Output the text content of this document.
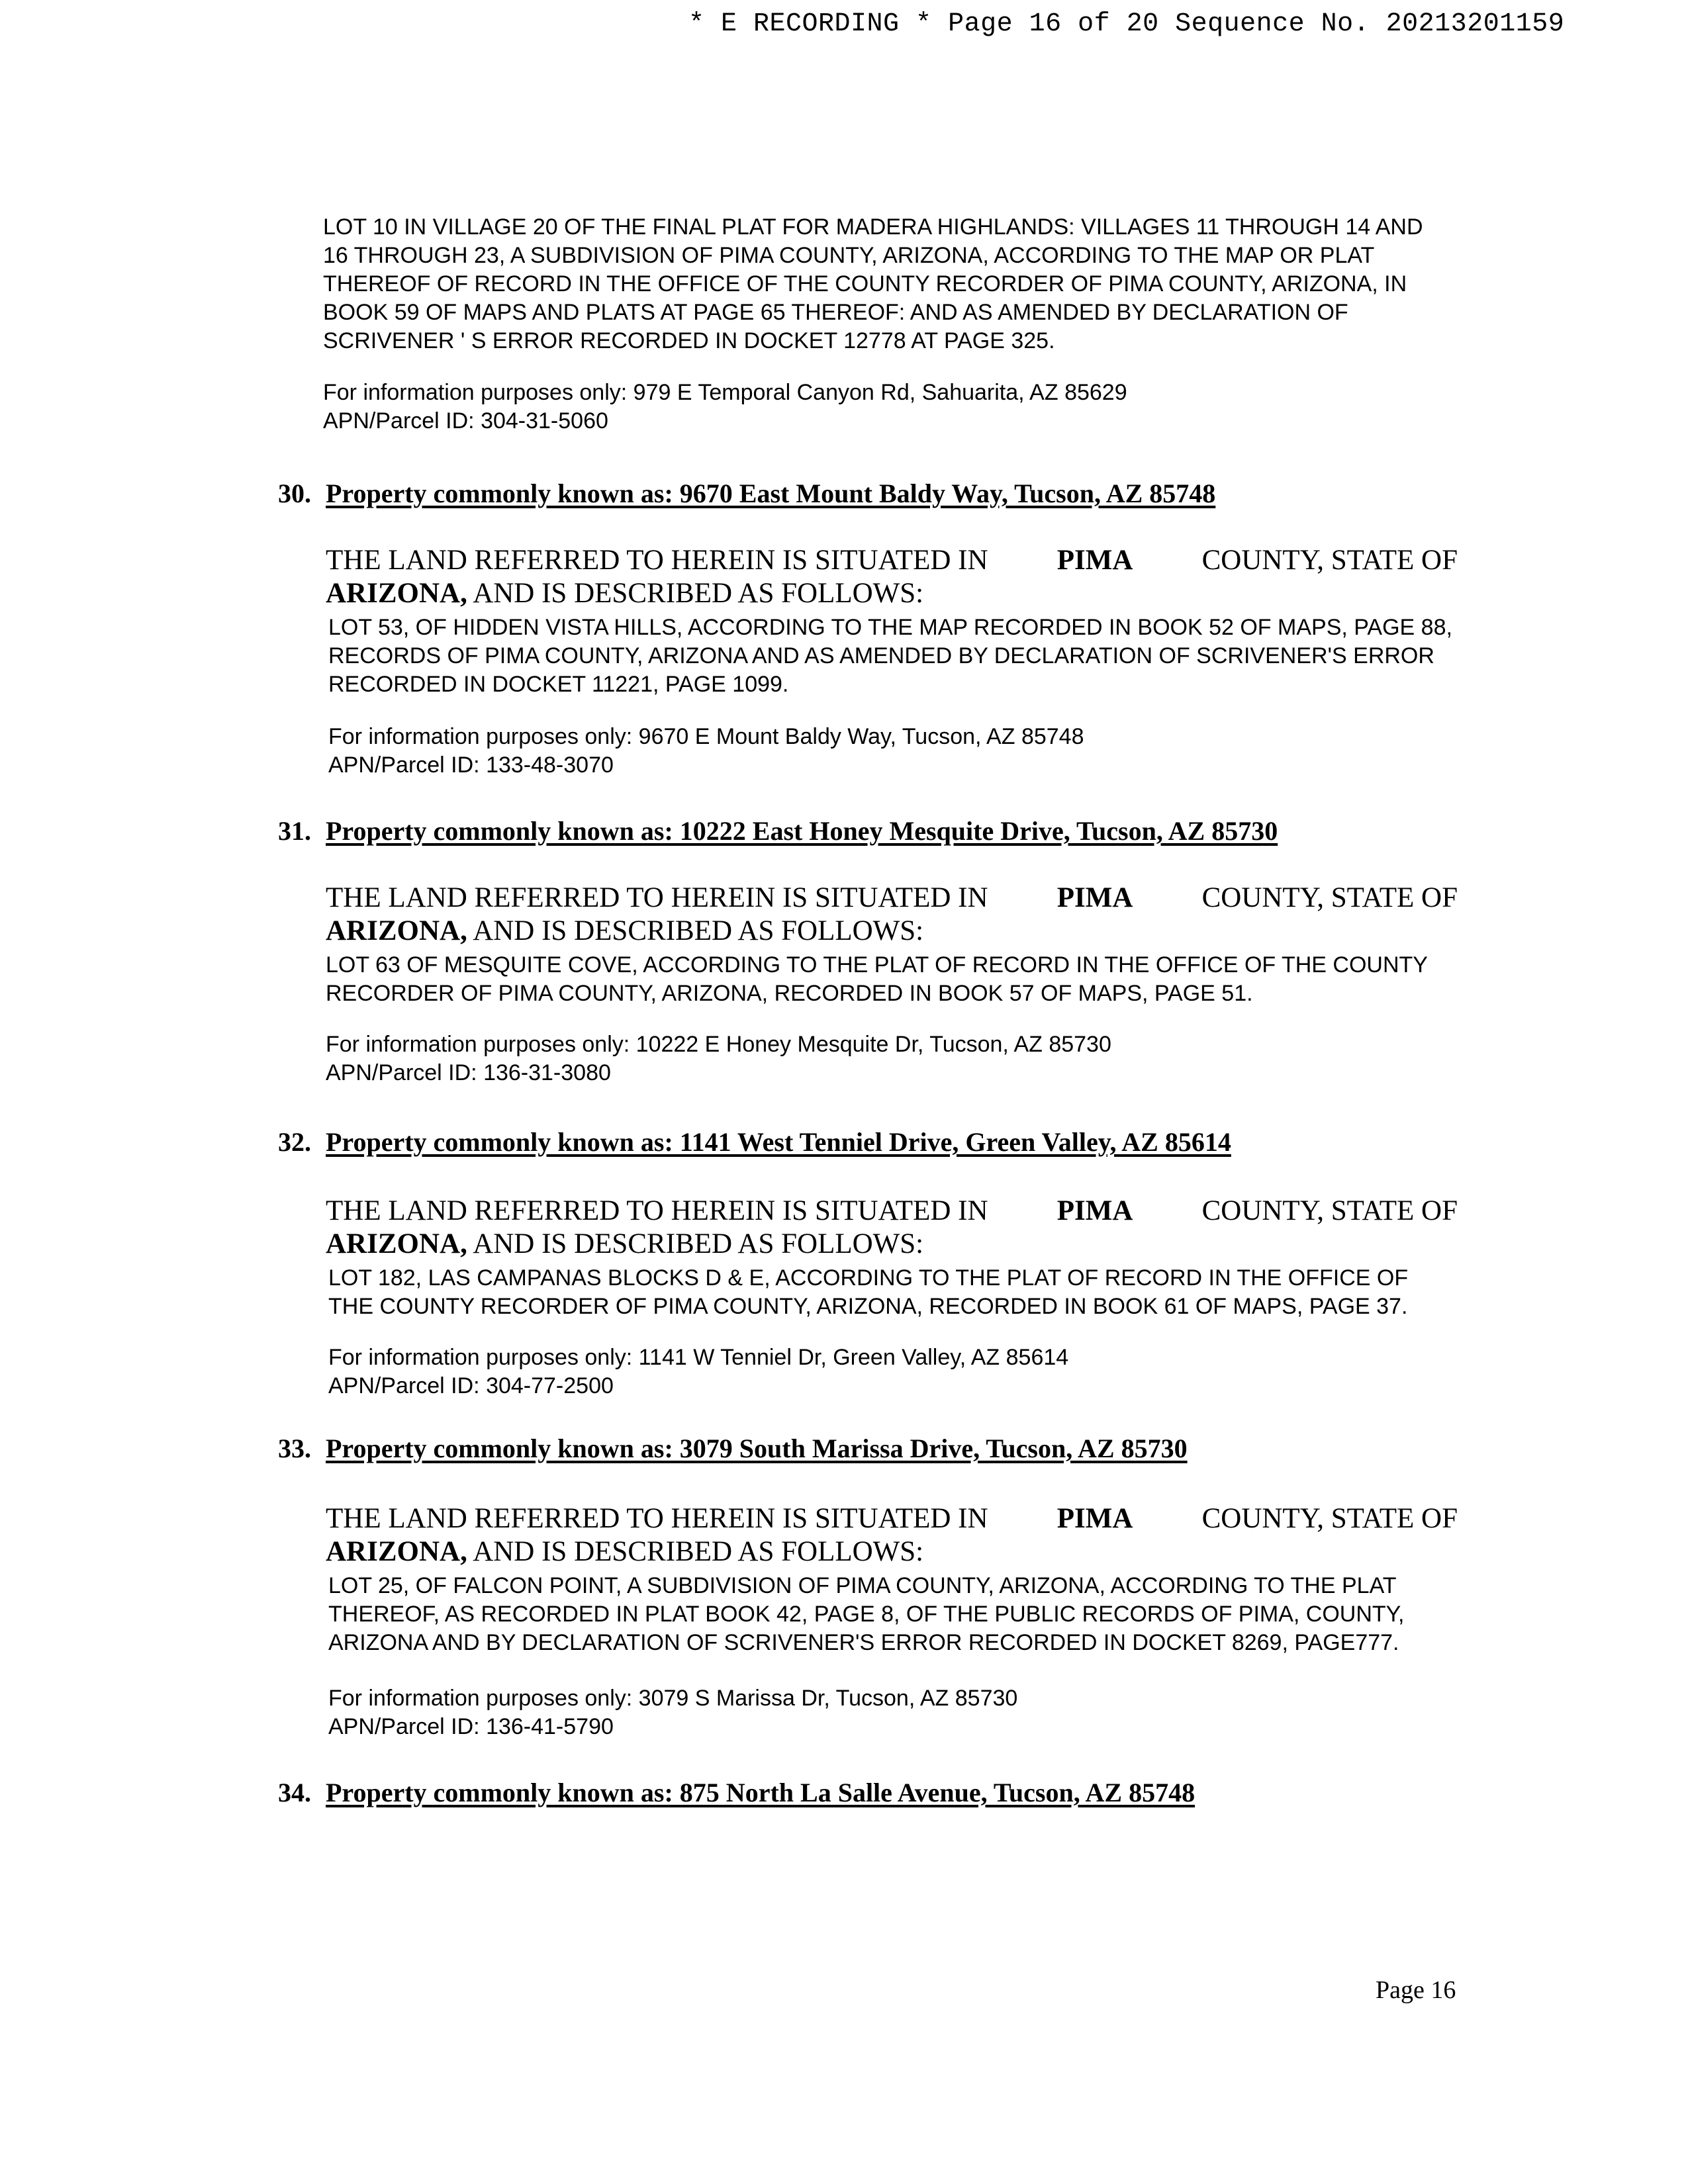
* E RECORDING * Page 16 of 20 Sequence No. 20213201159
LOT 10 IN VILLAGE 20 OF THE FINAL PLAT FOR MADERA HIGHLANDS: VILLAGES 11 THROUGH 14 AND
16 THROUGH 23, A SUBDIVISION OF PIMA COUNTY, ARIZONA, ACCORDING TO THE MAP OR PLAT
THEREOF OF RECORD IN THE OFFICE OF THE COUNTY RECORDER OF PIMA COUNTY, ARIZONA, IN
BOOK 59 OF MAPS AND PLATS AT PAGE 65 THEREOF: AND AS AMENDED BY DECLARATION OF
SCRIVENER ' S ERROR RECORDED IN DOCKET 12778 AT PAGE 325.
For information purposes only: 979 E Temporal Canyon Rd, Sahuarita, AZ 85629
APN/Parcel ID: 304-31-5060
30. Property commonly known as: 9670 East Mount Baldy Way, Tucson, AZ 85748
THE LAND REFERRED TO HEREIN IS SITUATED IN PIMA COUNTY, STATE OF
ARIZONA, AND IS DESCRIBED AS FOLLOWS:
LOT 53, OF HIDDEN VISTA HILLS, ACCORDING TO THE MAP RECORDED IN BOOK 52 OF MAPS, PAGE 88,
RECORDS OF PIMA COUNTY, ARIZONA AND AS AMENDED BY DECLARATION OF SCRIVENER'S ERROR
RECORDED IN DOCKET 11221, PAGE 1099.
For information purposes only: 9670 E Mount Baldy Way, Tucson, AZ 85748
APN/Parcel ID: 133-48-3070
31. Property commonly known as: 10222 East Honey Mesquite Drive, Tucson, AZ 85730
THE LAND REFERRED TO HEREIN IS SITUATED IN PIMA COUNTY, STATE OF
ARIZONA, AND IS DESCRIBED AS FOLLOWS:
LOT 63 OF MESQUITE COVE, ACCORDING TO THE PLAT OF RECORD IN THE OFFICE OF THE COUNTY
RECORDER OF PIMA COUNTY, ARIZONA, RECORDED IN BOOK 57 OF MAPS, PAGE 51.
For information purposes only: 10222 E Honey Mesquite Dr, Tucson, AZ 85730
APN/Parcel ID: 136-31-3080
32. Property commonly known as: 1141 West Tenniel Drive, Green Valley, AZ 85614
THE LAND REFERRED TO HEREIN IS SITUATED IN PIMA COUNTY, STATE OF
ARIZONA, AND IS DESCRIBED AS FOLLOWS:
LOT 182, LAS CAMPANAS BLOCKS D & E, ACCORDING TO THE PLAT OF RECORD IN THE OFFICE OF
THE COUNTY RECORDER OF PIMA COUNTY, ARIZONA, RECORDED IN BOOK 61 OF MAPS, PAGE 37.
For information purposes only: 1141 W Tenniel Dr, Green Valley, AZ 85614
APN/Parcel ID: 304-77-2500
33. Property commonly known as: 3079 South Marissa Drive, Tucson, AZ 85730
THE LAND REFERRED TO HEREIN IS SITUATED IN PIMA COUNTY, STATE OF
ARIZONA, AND IS DESCRIBED AS FOLLOWS:
LOT 25, OF FALCON POINT, A SUBDIVISION OF PIMA COUNTY, ARIZONA, ACCORDING TO THE PLAT
THEREOF, AS RECORDED IN PLAT BOOK 42, PAGE 8, OF THE PUBLIC RECORDS OF PIMA, COUNTY,
ARIZONA AND BY DECLARATION OF SCRIVENER'S ERROR RECORDED IN DOCKET 8269, PAGE777.
For information purposes only: 3079 S Marissa Dr, Tucson, AZ 85730
APN/Parcel ID: 136-41-5790
34. Property commonly known as: 875 North La Salle Avenue, Tucson, AZ 85748
Page 16
